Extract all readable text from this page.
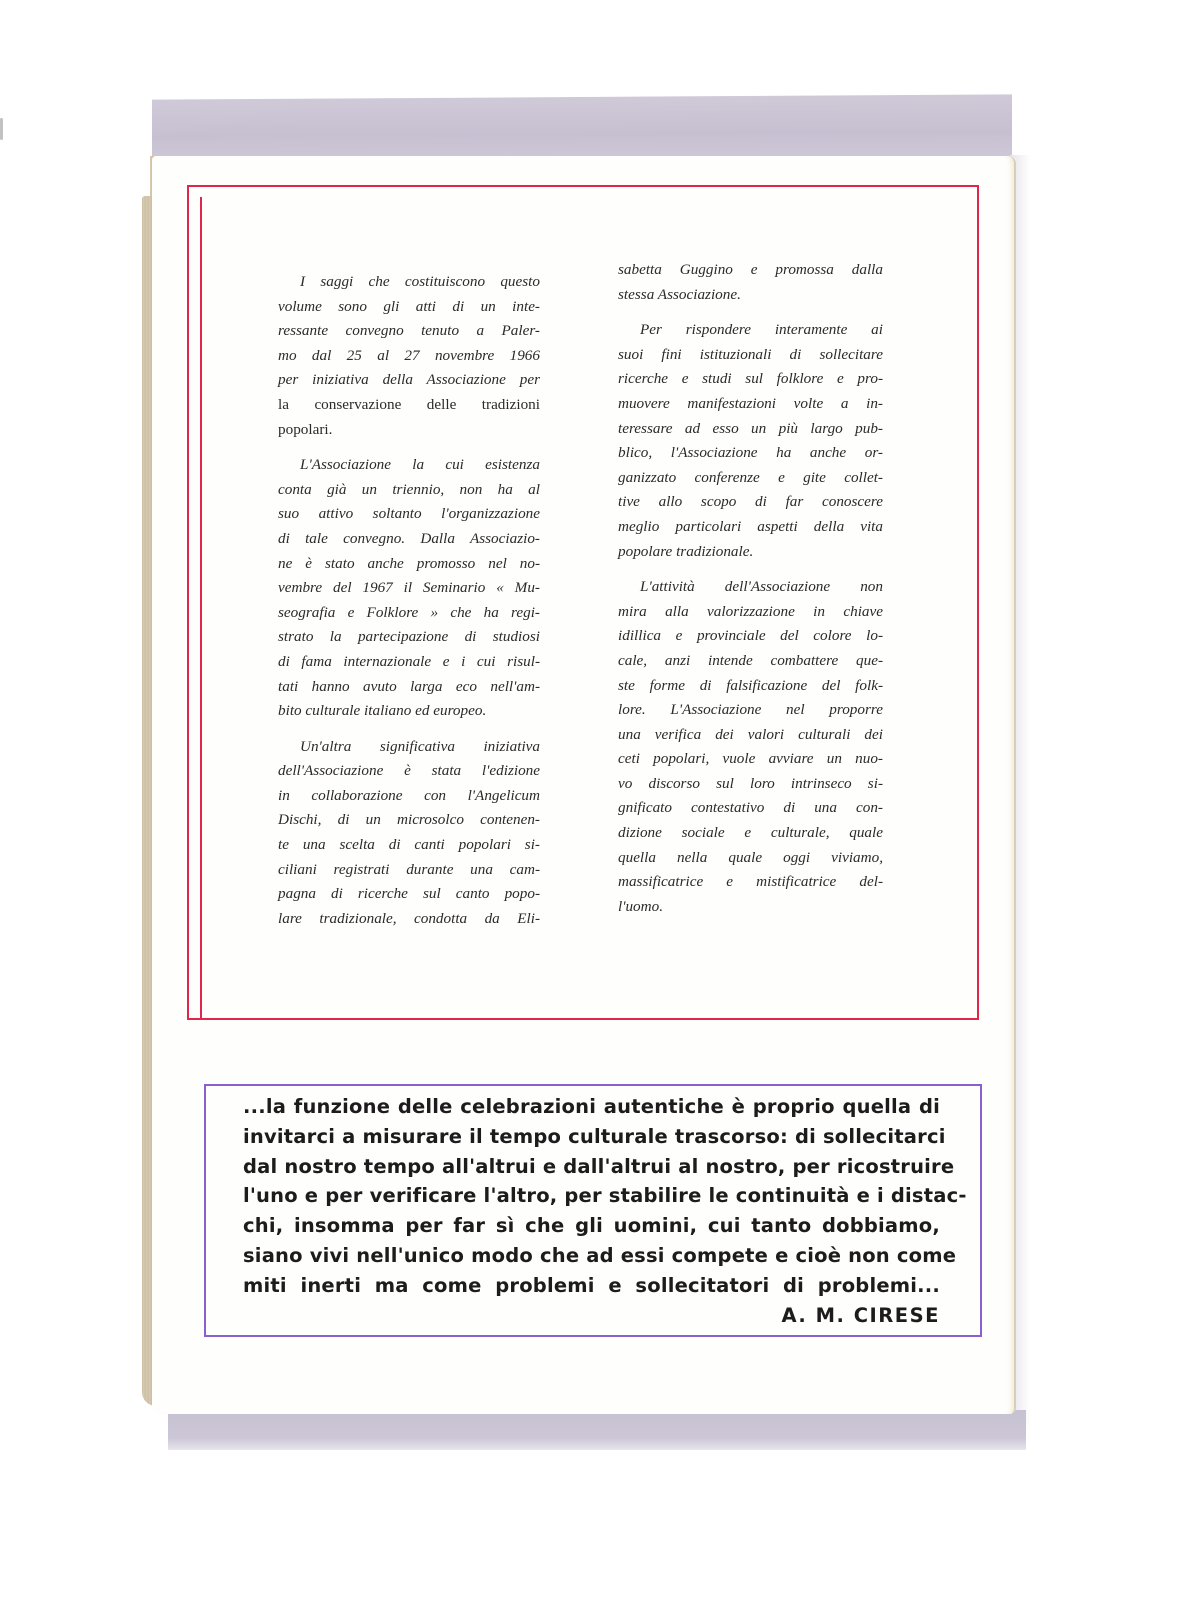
I saggi che costituiscono questo
volume sono gli atti di un inte-
ressante convegno tenuto a Paler-
mo dal 25 al 27 novembre 1966
per iniziativa della Associazione per
la conservazione delle tradizioni
popolari.
L'Associazione la cui esistenza
conta già un triennio, non ha al
suo attivo soltanto l'organizzazione
di tale convegno. Dalla Associazio-
ne è stato anche promosso nel no-
vembre del 1967 il Seminario « Mu-
seografia e Folklore » che ha regi-
strato la partecipazione di studiosi
di fama internazionale e i cui risul-
tati hanno avuto larga eco nell'am-
bito culturale italiano ed europeo.
Un'altra significativa iniziativa
dell'Associazione è stata l'edizione
in collaborazione con l'Angelicum
Dischi, di un microsolco contenen-
te una scelta di canti popolari si-
ciliani registrati durante una cam-
pagna di ricerche sul canto popo-
lare tradizionale, condotta da Eli-
sabetta Guggino e promossa dalla
stessa Associazione.
Per rispondere interamente ai
suoi fini istituzionali di sollecitare
ricerche e studi sul folklore e pro-
muovere manifestazioni volte a in-
teressare ad esso un più largo pub-
blico, l'Associazione ha anche or-
ganizzato conferenze e gite collet-
tive allo scopo di far conoscere
meglio particolari aspetti della vita
popolare tradizionale.
L'attività dell'Associazione non
mira alla valorizzazione in chiave
idillica e provinciale del colore lo-
cale, anzi intende combattere que-
ste forme di falsificazione del folk-
lore. L'Associazione nel proporre
una verifica dei valori culturali dei
ceti popolari, vuole avviare un nuo-
vo discorso sul loro intrinseco si-
gnificato contestativo di una con-
dizione sociale e culturale, quale
quella nella quale oggi viviamo,
massificatrice e mistificatrice del-
l'uomo.
...la funzione delle celebrazioni autentiche è proprio quella di
invitarci a misurare il tempo culturale trascorso: di sollecitarci
dal nostro tempo all'altrui e dall'altrui al nostro, per ricostruire
l'uno e per verificare l'altro, per stabilire le continuità e i distac-
chi, insomma per far sì che gli uomini, cui tanto dobbiamo,
siano vivi nell'unico modo che ad essi compete e cioè non come
miti inerti ma come problemi e sollecitatori di problemi...
A. M. CIRESE
